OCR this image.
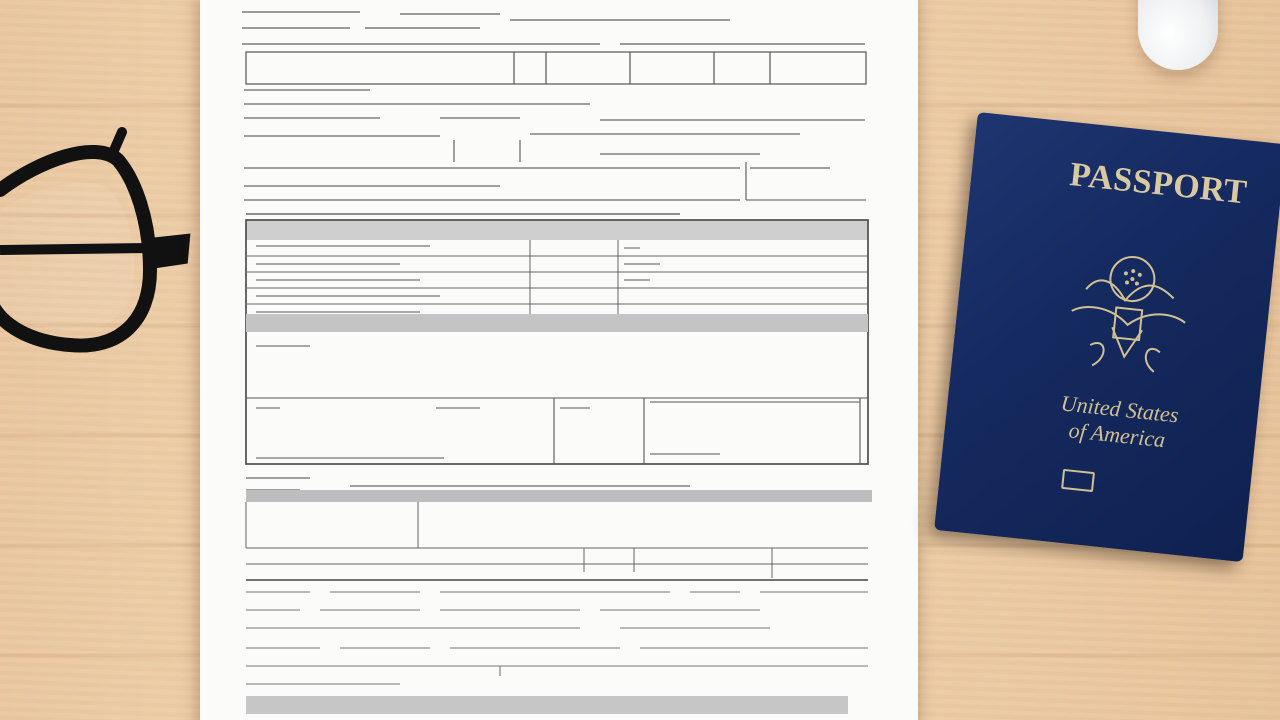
PASSPORT
United States
of America
